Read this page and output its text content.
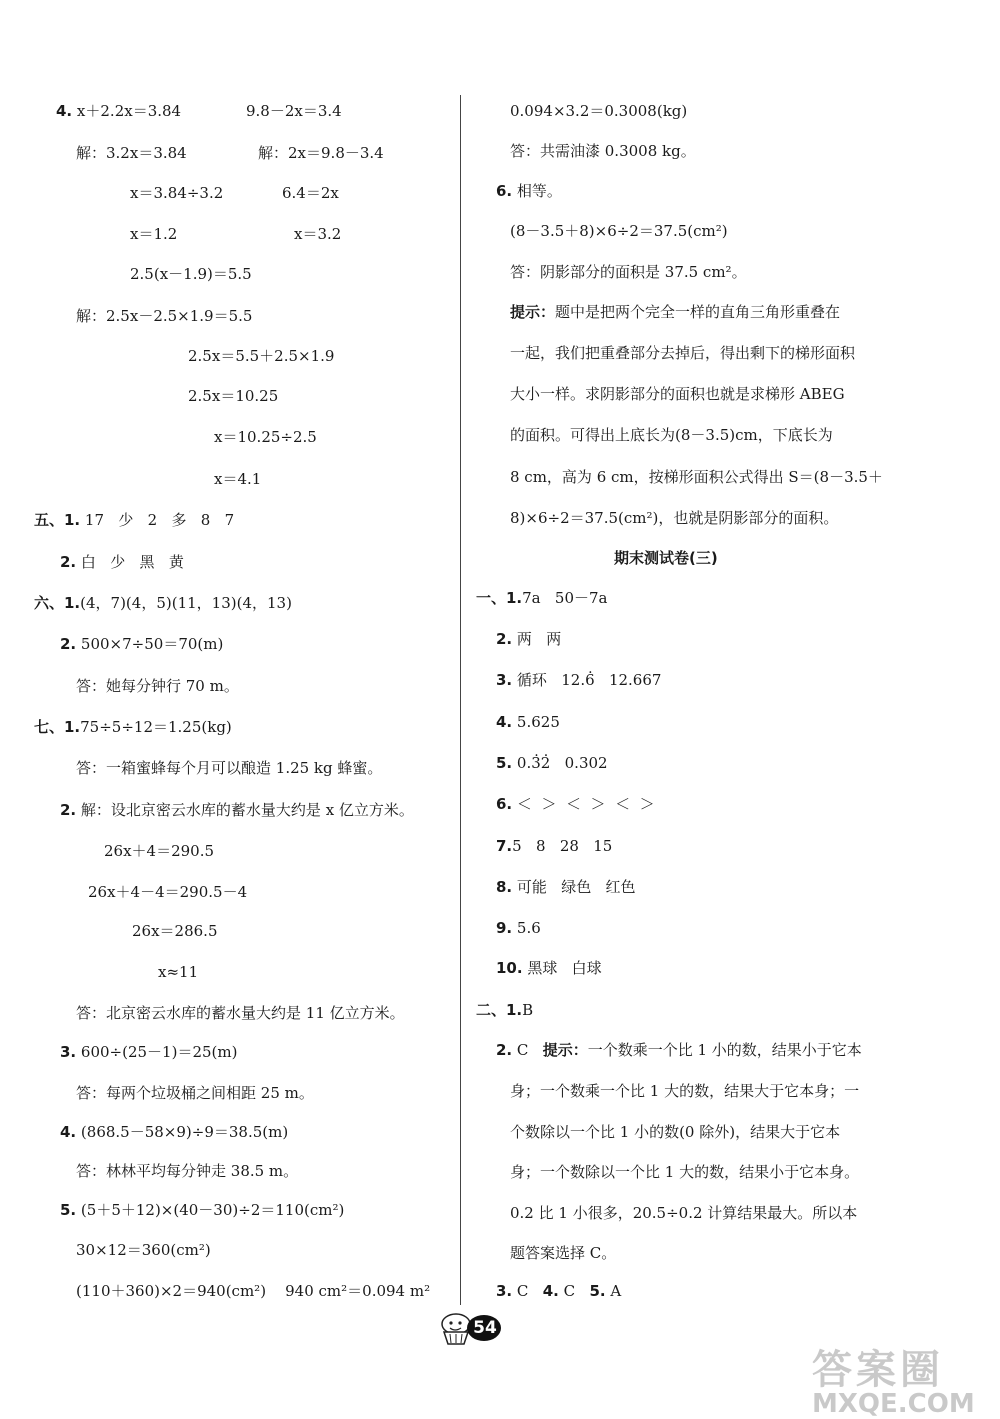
4. x＋2.2x＝3.84	9.8－2x＝3.4
解：3.2x＝3.84	解：2x＝9.8－3.4
x＝3.84÷3.2	6.4＝2x
x＝1.2	x＝3.2
2.5(x－1.9)＝5.5
解：2.5x－2.5×1.9＝5.5
2.5x＝5.5＋2.5×1.9
2.5x＝10.25
x＝10.25÷2.5
x＝4.1
五、1. 17   少   2   多   8   7
2. 白   少   黑   黄
六、1.(4，7)(4，5)(11，13)(4，13)
2. 500×7÷50＝70(m)
答：她每分钟行 70 m。
七、1.75÷5÷12＝1.25(kg)
答：一箱蜜蜂每个月可以酿造 1.25 kg 蜂蜜。
2. 解：设北京密云水库的蓄水量大约是 x 亿立方米。
26x＋4＝290.5
26x＋4－4＝290.5－4
26x＝286.5
x≈11
答：北京密云水库的蓄水量大约是 11 亿立方米。
3. 600÷(25－1)＝25(m)
答：每两个垃圾桶之间相距 25 m。
4. (868.5－58×9)÷9＝38.5(m)
答：林林平均每分钟走 38.5 m。
5. (5＋5＋12)×(40－30)÷2＝110(cm²)
30×12＝360(cm²)
(110＋360)×2＝940(cm²)    940 cm²＝0.094 m²
0.094×3.2＝0.3008(kg)
答：共需油漆 0.3008 kg。
6. 相等。
(8－3.5＋8)×6÷2＝37.5(cm²)
答：阴影部分的面积是 37.5 cm²。
提示：题中是把两个完全一样的直角三角形重叠在
一起，我们把重叠部分去掉后，得出剩下的梯形面积
大小一样。求阴影部分的面积也就是求梯形 ABEG
的面积。可得出上底长为(8－3.5)cm，下底长为
8 cm，高为 6 cm，按梯形面积公式得出 S＝(8－3.5＋
8)×6÷2＝37.5(cm²)，也就是阴影部分的面积。
期末测试卷(三)
一、1.7a   50－7a
2. 两   两
3. 循环   12.. 6   12.667
4. 5.625
5. 0.. 3. 2   0.302
6. ＜  ＞  ＜  ＞  ＜  ＞
7.5   8   28   15
8. 可能   绿色   红色
9. 5.6
10. 黑球   白球
二、1.B
2. C   提示：一个数乘一个比 1 小的数，结果小于它本
身；一个数乘一个比 1 大的数，结果大于它本身；一
个数除以一个比 1 小的数(0 除外)，结果大于它本
身；一个数除以一个比 1 大的数，结果小于它本身。
0.2 比 1 小很多，20.5÷0.2 计算结果最大。所以本
题答案选择 C。
3. C 4. C 5. A
54
答案圈
MXQE.COM
